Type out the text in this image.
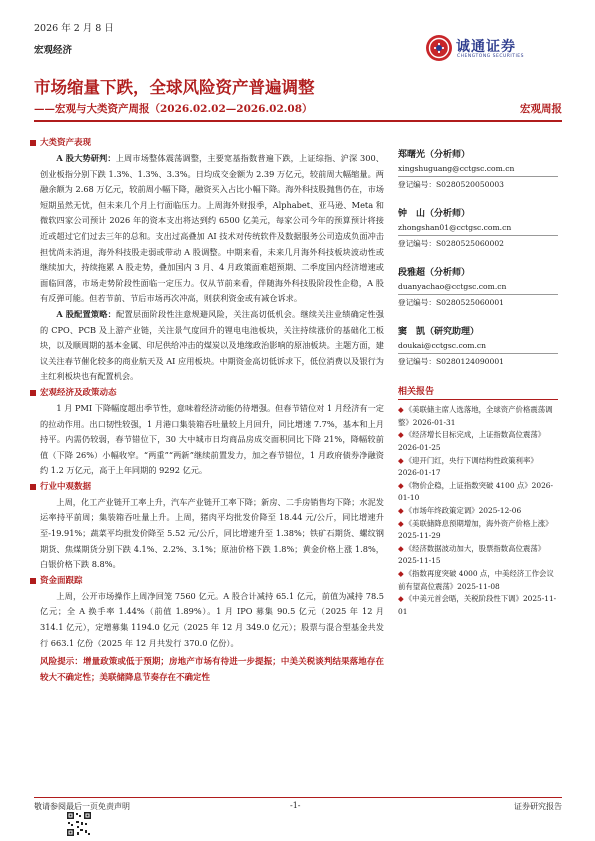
2026 年 2 月 8 日
宏观经济	诚通证券
CHENGTONG SECURITIES
市场缩量下跌，全球风险资产普遍调整
——宏观与大类资产周报（2026.02.02—2026.02.08）	宏观周报
大类资产表现
A 股大势研判：上周市场整体震荡调整，主要宽基指数普遍下跌，上证综指、沪深 300、创业板指分别下跌 1.3%、1.3%、3.3%。日均成交金额为 2.39 万亿元，较前周大幅缩量。两融余额为 2.68 万亿元，较前周小幅下降，融资买入占比小幅下降。海外科技股抛售仍在，市场短期虽然无忧，但未来几个月上行面临压力。上周海外财报季，Alphabet、亚马逊、Meta 和微软四家公司预计 2026 年的资本支出将达到约 6500 亿美元，每家公司今年的预算预计将接近或超过它们过去三年的总和。支出过高叠加 AI 技术对传统软件及数据服务公司造成负面冲击担忧尚未消退，海外科技股走弱或带动 A 股调整。中期来看，未来几月海外科技板块波动性或继续加大，持续拖累 A 股走势，叠加国内 3 月、4 月政策面难超预期、二季度国内经济增速或面临回落，市场走势阶段性面临一定压力。仅从节前来看，伴随海外科技股阶段性企稳，A 股有反弹可能。但若节前、节后市场再次冲高，则获利资金或有减仓诉求。
A 股配置策略：配置层面阶段性注意规避风险，关注高切低机会。继续关注业绩确定性强的 CPO、PCB 及上游产业链，关注景气度回升的锂电电池板块，关注持续涨价的基础化工板块，以及顺周期的基本金属、印尼供给冲击的煤炭以及地缘政治影响的原油板块。主题方面，建议关注春节催化较多的商业航天及 AI 应用板块。中期资金高切低诉求下，低位消费以及银行为主红利板块也有配置机会。
宏观经济及政策动态
1 月 PMI 下降幅度超出季节性，意味着经济动能仍待增强。但春节错位对 1 月经济有一定的拉动作用。出口韧性较强，1 月港口集装箱吞吐量较上月回升，同比增速 7.7%，基本和上月持平。内需仍较弱，春节错位下，30 大中城市日均商品房成交面积同比下降 21%，降幅较前值（下降 26%）小幅收窄。“两重”“两新”继续前置发力，加之春节错位，1 月政府债券净融资约 1.2 万亿元，高于上年同期的 9292 亿元。
行业中观数据
上周，化工产业链开工率上升，汽车产业链开工率下降；新房、二手房销售均下降；水泥发运率持平前周；集装箱吞吐量上升。上周，猪肉平均批发价降至 18.44 元/公斤，同比增速升至-19.91%；蔬菜平均批发价降至 5.52 元/公斤，同比增速升至 1.38%；铁矿石期货、螺纹钢期货、焦煤期货分别下跌 4.1%、2.2%、3.1%；原油价格下跌 1.8%；黄金价格上涨 1.8%，白银价格下跌 8.8%。
资金面跟踪
上周，公开市场操作上周净回笼 7560 亿元。A 股合计减持 65.1 亿元，前值为减持 78.5 亿元；全 A 换手率 1.44%（前值 1.89%）。1 月 IPO 募集 90.5 亿元（2025 年 12 月 314.1 亿元），定增募集 1194.0 亿元（2025 年 12 月 349.0 亿元）；股票与混合型基金共发行 663.1 亿份（2025 年 12 月共发行 370.0 亿份）。
风险提示：增量政策或低于预期；房地产市场有待进一步提振；中美关税谈判结果落地存在较大不确定性；美联储降息节奏存在不确定性
郑曙光（分析师）
xingshuguang@cctgsc.com.cn
登记编号：S0280520050003
钟　山（分析师）
zhongshan01@cctgsc.com.cn
登记编号：S0280525060002
段雅超（分析师）
duanyachao@cctgsc.com.cn
登记编号：S0280525060001
窦　凯（研究助理）
doukai@cctgsc.com.cn
登记编号：S0280124090001
相关报告
◆《美联储主席人选落地，全球资产价格震荡调整》2026-01-31
◆《经济增长目标完成，上证指数高位震荡》2026-01-25
◆《迎开门红，央行下调结构性政策利率》2026-01-17
◆《物价企稳，上证指数突破 4100 点》2026-01-10
◆《市场年终政策定调》2025-12-06
◆《美联储降息预期增加，海外资产价格上涨》2025-11-29
◆《经济数据波动加大，股票指数高位震荡》2025-11-15
◆《指数再度突破 4000 点，中美经济工作会议前有望高位震荡》2025-11-08
◆《中美元首会晤，关税阶段性下调》2025-11-01
敬请参阅最后一页免责声明	-1-	证券研究报告
